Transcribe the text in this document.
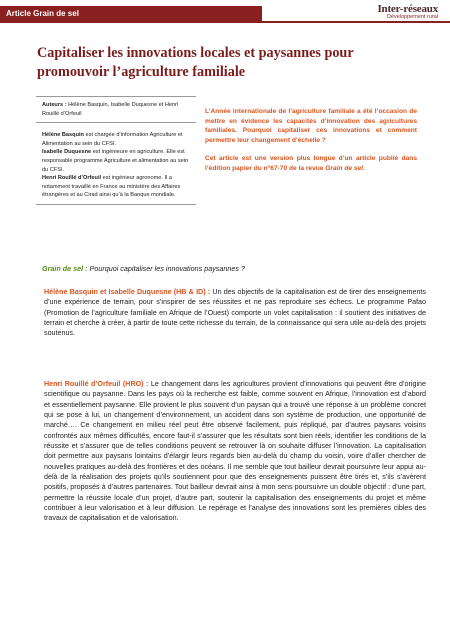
Article Grain de sel	Inter-réseaux
Développement rural
Capitaliser les innovations locales et paysannes pour promouvoir l’agriculture familiale
Auteurs : Hélène Basquin, Isabelle Duquesne et Henri Rouillé d’Orfeuil
Hélène Basquin est chargée d’information Agriculture et Alimentation au sein du CFSI.
Isabelle Duquesne est ingénieure en agriculture. Elle est responsable programme Agriculture et alimentation au sein du CFSI.
Henri Rouillé d’Orfeuil est ingénieur agronome. Il a notamment travaillé en France au ministère des Affaires étrangères et au Cirad ainsi qu’à la Banque mondiale.

L’Année internationale de l’agriculture familiale a été l’occasion de mettre en évidence les capacités d’innovation des agricultures familiales. Pourquoi capitaliser ces innovations et comment permettre leur changement d’échelle ?

Cet article est une version plus longue d’un article publié dans l’édition papier du n°67-70 de la revue Grain de sel.

Grain de sel : Pourquoi capitaliser les innovations paysannes ?
Hélène Basquin et Isabelle Duquesne (HB & ID) : Un des objectifs de la capitalisation est de tirer des enseignements d’une expérience de terrain, pour s’inspirer de ses réussites et ne pas reproduire ses échecs. Le programme Pafao (Promotion de l’agriculture familiale en Afrique de l’Ouest) comporte un volet capitalisation : il soutient des initiatives de terrain et cherche à créer, à partir de toute cette richesse du terrain, de la connaissance qui sera utile au-delà des projets soutenus.
Henri Rouillé d’Orfeuil (HRO) : Le changement dans les agricultures provient d’innovations qui peuvent être d’origine scientifique ou paysanne. Dans les pays où la recherche est faible, comme souvent en Afrique, l’innovation est d’abord et essentiellement paysanne. Elle provient le plus souvent d’un paysan qui a trouvé une réponse à un problème concret qui se pose à lui, un changement d’environnement, un accident dans son système de production, une opportunité de marché…. Ce changement en milieu réel peut être observé facilement, puis répliqué, par d’autres paysans voisins confrontés aux mêmes difficultés, encore faut-il s’assurer que les résultats sont bien réels, identifier les conditions de la réussite et s’assurer que de telles conditions peuvent se retrouver là on souhaite diffuser l’innovation. La capitalisation doit permettre aux paysans lointains d’élargir leurs regards bien au-delà du champ du voisin, voire d’aller chercher de nouvelles pratiques au-delà des frontières et des océans. Il me semble que tout bailleur devrait poursuivre leur appui au-delà de la réalisation des projets qu’ils soutiennent pour que des enseignements puissent être tirés et, s’ils s’avèrent positifs, proposés à d’autres partenaires. Tout bailleur devrait ainsi à mon sens poursuivre un double objectif : d’une part, permettre la réussite locale d’un projet, d’autre part, soutenir la capitalisation des enseignements du projet et même contribuer à leur valorisation et à leur diffusion. Le repérage et l’analyse des innovations sont les premières cibles des travaux de capitalisation et de valorisation.
